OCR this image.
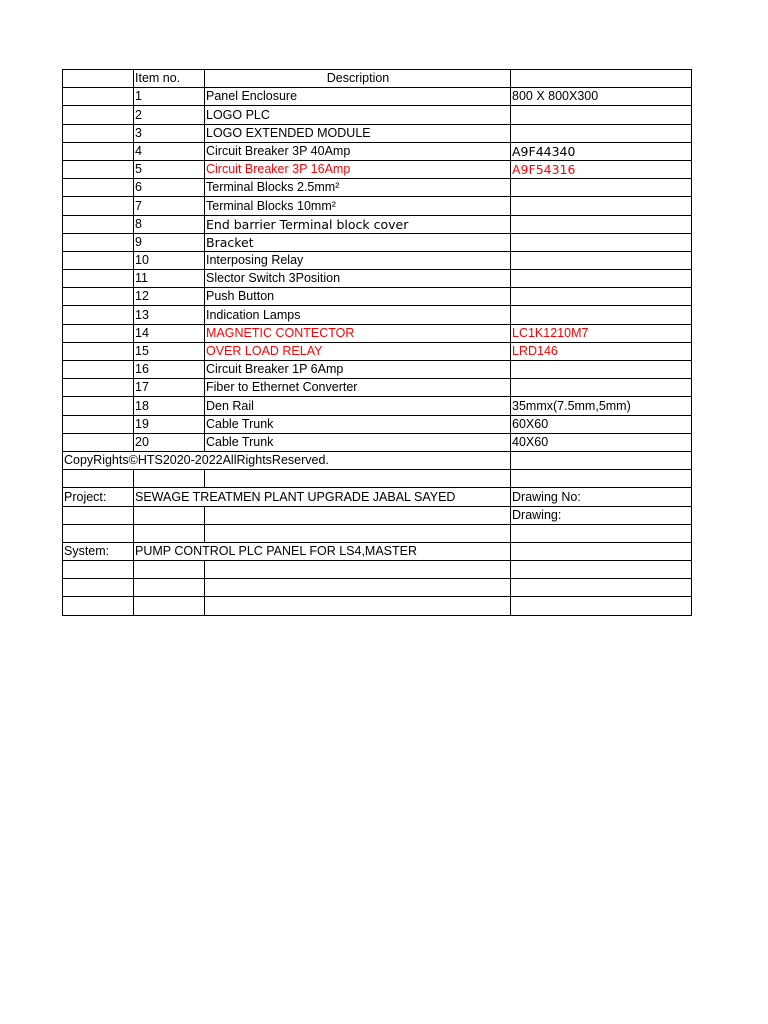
	Item no.	Description	
	1	Panel Enclosure	800 X 800X300
	2	LOGO PLC	
	3	LOGO EXTENDED MODULE	
	4	Circuit Breaker 3P 40Amp	A9F44340
	5	Circuit Breaker 3P 16Amp	A9F54316
	6	Terminal Blocks 2.5mm²	
	7	Terminal Blocks 10mm²	
	8	End barrier Terminal block cover	
	9	Bracket	
	10	Interposing Relay	
	11	Slector Switch 3Position	
	12	Push Button	
	13	Indication Lamps	
	14	MAGNETIC CONTECTOR	LC1K1210M7
	15	OVER LOAD RELAY	LRD146
	16	Circuit Breaker 1P 6Amp	
	17	Fiber to Ethernet Converter	
	18	Den Rail	35mmx(7.5mm,5mm)
	19	Cable Trunk	60X60
	20	Cable Trunk	40X60
CopyRights©HTS2020-2022AllRightsReserved.			

Project:	SEWAGE TREATMEN PLANT UPGRADE JABAL SAYED		Drawing No:
			Drawing:

System:	PUMP CONTROL PLC PANEL FOR LS4,MASTER		
